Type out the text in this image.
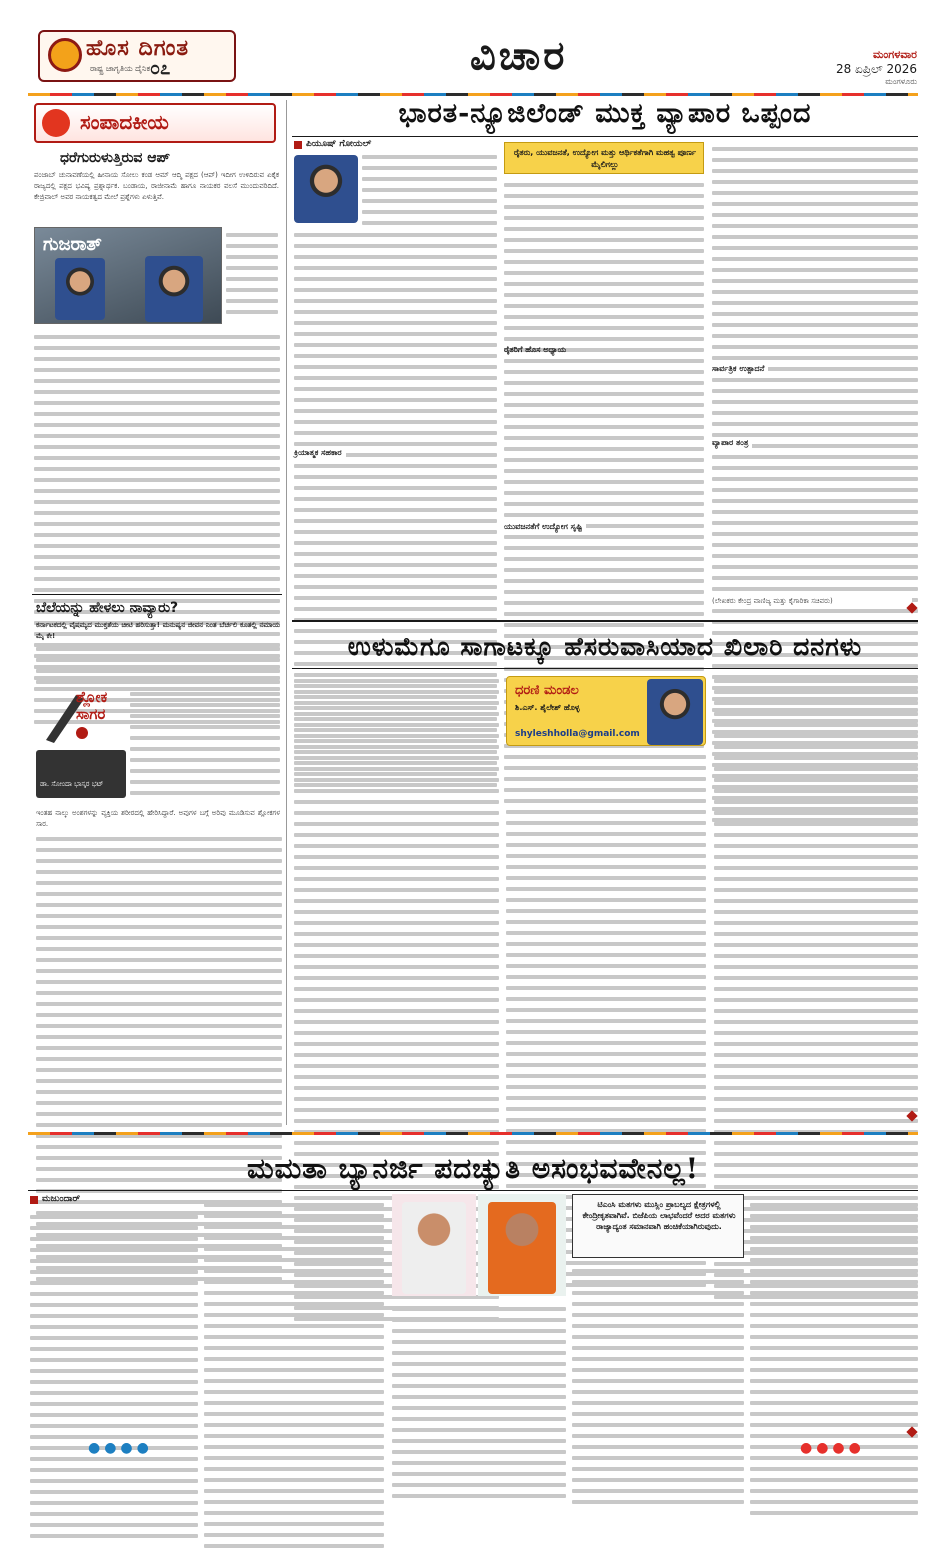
ಹೊಸ ದಿಗಂತ
ರಾಷ್ಟ್ರ ಜಾಗೃತಿಯ ದೈನಿಕ ೦೭	ವಿಚಾರ	ಮಂಗಳವಾರ
28 ಏಪ್ರಿಲ್ 2026
ಮಂಗಳೂರು
ಸಂಪಾದಕೀಯ
ಧರೆಗುರುಳುತ್ತಿರುವ ಆಪ್
ಪಂಜಾಬ್ ಚುನಾವಣೆಯಲ್ಲಿ ಹೀನಾಯ ಸೋಲು ಕಂಡ ಆಮ್ ಆದ್ಮಿ ಪಕ್ಷದ (ಆಪ್) ಇದೀಗ ಉಳಿದಿರುವ ಏಕೈಕ ರಾಜ್ಯದಲ್ಲಿ ಪಕ್ಷದ ಭವಿಷ್ಯ ಪ್ರಶ್ನಾರ್ಥಕ. ಬಂಡಾಯ, ರಾಜೀನಾಮೆ ಹಾಗೂ ನಾಯಕರ ವಲಸೆ ಮುಂದುವರಿದಿದೆ. ಕೇಜ್ರಿವಾಲ್ ಅವರ ನಾಯಕತ್ವದ ಮೇಲೆ ಪ್ರಶ್ನೆಗಳು ಏಳುತ್ತಿವೆ.
ಗುಜರಾತ್
ಬೆಲೆಯನ್ನು ಹೇಳಲು ನಾವ್ಯಾರು?
ಕರ್ನಾಟಕದಲ್ಲಿ ವೈಷಮ್ಯದ ಮುಕ್ತತೆಯ ಚೀಟಿ ಹರಿಸುತ್ತಾ! ಮನುಷ್ಯನ ಜೀವನ ನಿಂತ ಬೆರ್ಚಲಿ ಕೂತಲ್ಲಿ ನಮಾಯ ಮೈ ಕೇ!
ಶ್ಲೋಕ ಸಾಗರ
ಡಾ. ಸೋಂದಾ ಭಾಸ್ಕರ ಭಟ್
ಇಂತಹ ನಾಲ್ಕು ಅಂಶಗಳನ್ನು ವ್ಯಕ್ತಿಯ ಶರೀರದಲ್ಲಿ ಹೇರಿಸಿದ್ದಾರೆ. ಅವುಗಳ ಬಗ್ಗೆ ಅರಿವು ಮೂಡಿಸುವ ಶ್ಲೋಕಗಳ ಸಾರ.
ಭಾರತ-ನ್ಯೂಜಿಲೆಂಡ್ ಮುಕ್ತ ವ್ಯಾಪಾರ ಒಪ್ಪಂದ
ಪಿಯೂಷ್ ಗೋಯಲ್
ರೈತರು, ಯುವಜನತೆ, ಉದ್ಯೋಗ ಮತ್ತು ಆರ್ಥಿಕತೆಗಾಗಿ ಮಹತ್ವ ಪೂರ್ಣ ಮೈಲಿಗಲ್ಲು
ರೈತರಿಗೆ ಹೊಸ ಅಧ್ಯಾಯ
ಕ್ರಿಯಾತ್ಮಕ ಸಹಕಾರ
ಯುವಜನತೆಗೆ ಉದ್ಯೋಗ ಸೃಷ್ಟಿ
ಸಾರ್ವತ್ರಿಕ ಉತ್ಪಾದನೆ
ವ್ಯಾಪಾರ ತಂತ್ರ
(ಲೇಖಕರು ಕೇಂದ್ರ ವಾಣಿಜ್ಯ ಮತ್ತು ಕೈಗಾರಿಕಾ ಸಚಿವರು)
ಉಳುಮೆಗೂ ಸಾಗಾಟಕ್ಕೂ ಹೆಸರುವಾಸಿಯಾದ ಖಿಲಾರಿ ದನಗಳು
ಧರಣಿ ಮಂಡಲ
ಶಿ.ಎಸ್. ಶೈಲೇಶ್ ಹೊಳ್ಳ
shyleshholla@gmail.com
ಮಮತಾ ಬ್ಯಾನರ್ಜಿ ಪದಚ್ಯುತಿ ಅಸಂಭವವೇನಲ್ಲ!
ಮಜುಂದಾರ್
ಟಿಎಂಸಿ ಮತಗಳು ಮುಸ್ಲಿಂ ಪ್ರಾಬಲ್ಯದ ಕ್ಷೇತ್ರಗಳಲ್ಲಿ ಕೇಂದ್ರೀಕೃತವಾಗಿವೆ. ಬಿಜೆಪಿಯ ಲಾಭವೆಂದರೆ ಅದರ ಮತಗಳು ರಾಜ್ಯಾದ್ಯಂತ ಸಮಾನವಾಗಿ ಹಂಚಿಕೆಯಾಗಿರುವುದು.
●●●●	●●●●
